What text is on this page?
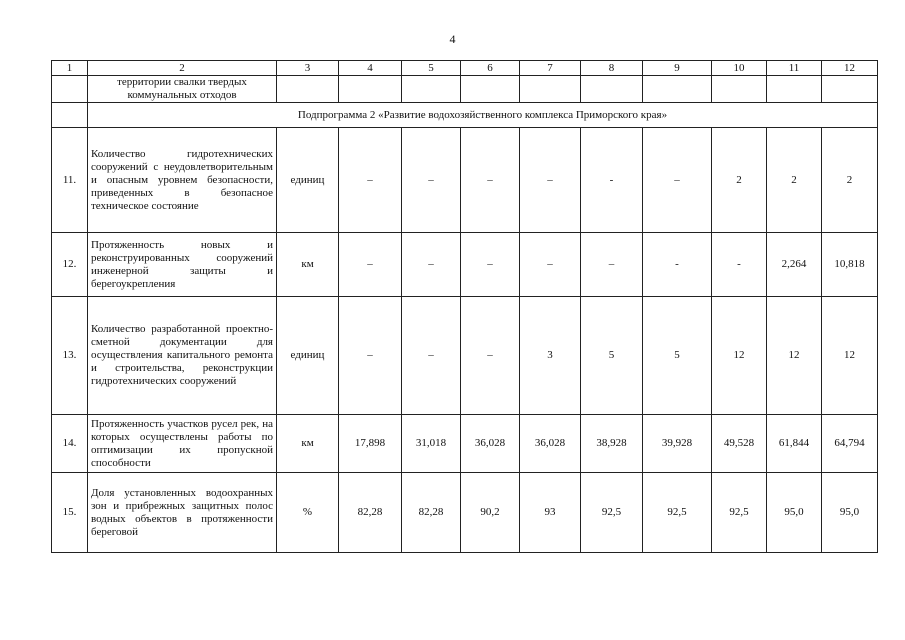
4
1	2	3	4	5	6	7	8	9	10	11	12
	территории свалки твердых коммунальных отходов										
	Подпрограмма 2 «Развитие водохозяйственного комплекса Приморского края»										
11.	Количество гидротехнических сооружений с неудовлетворительным и опасным уровнем безопасности, приведенных в безопасное техническое состояние	единиц	–	–	–	–	-	–	2	2	2
12.	Протяженность новых и реконструированных сооружений инженерной защиты и берегоукрепления	км	–	–	–	–	–	-	-	2,264	10,818
13.	Количество разработанной проектно-сметной документации для осуществления капитального ремонта и строительства, реконструкции гидротехнических сооружений	единиц	–	–	–	3	5	5	12	12	12
14.	Протяженность участков русел рек, на которых осуществлены работы по оптимизации их пропускной способности	км	17,898	31,018	36,028	36,028	38,928	39,928	49,528	61,844	64,794
15.	Доля установленных водоохранных зон и прибрежных защитных полос водных объектов в протяженности береговой	%	82,28	82,28	90,2	93	92,5	92,5	92,5	95,0	95,0
